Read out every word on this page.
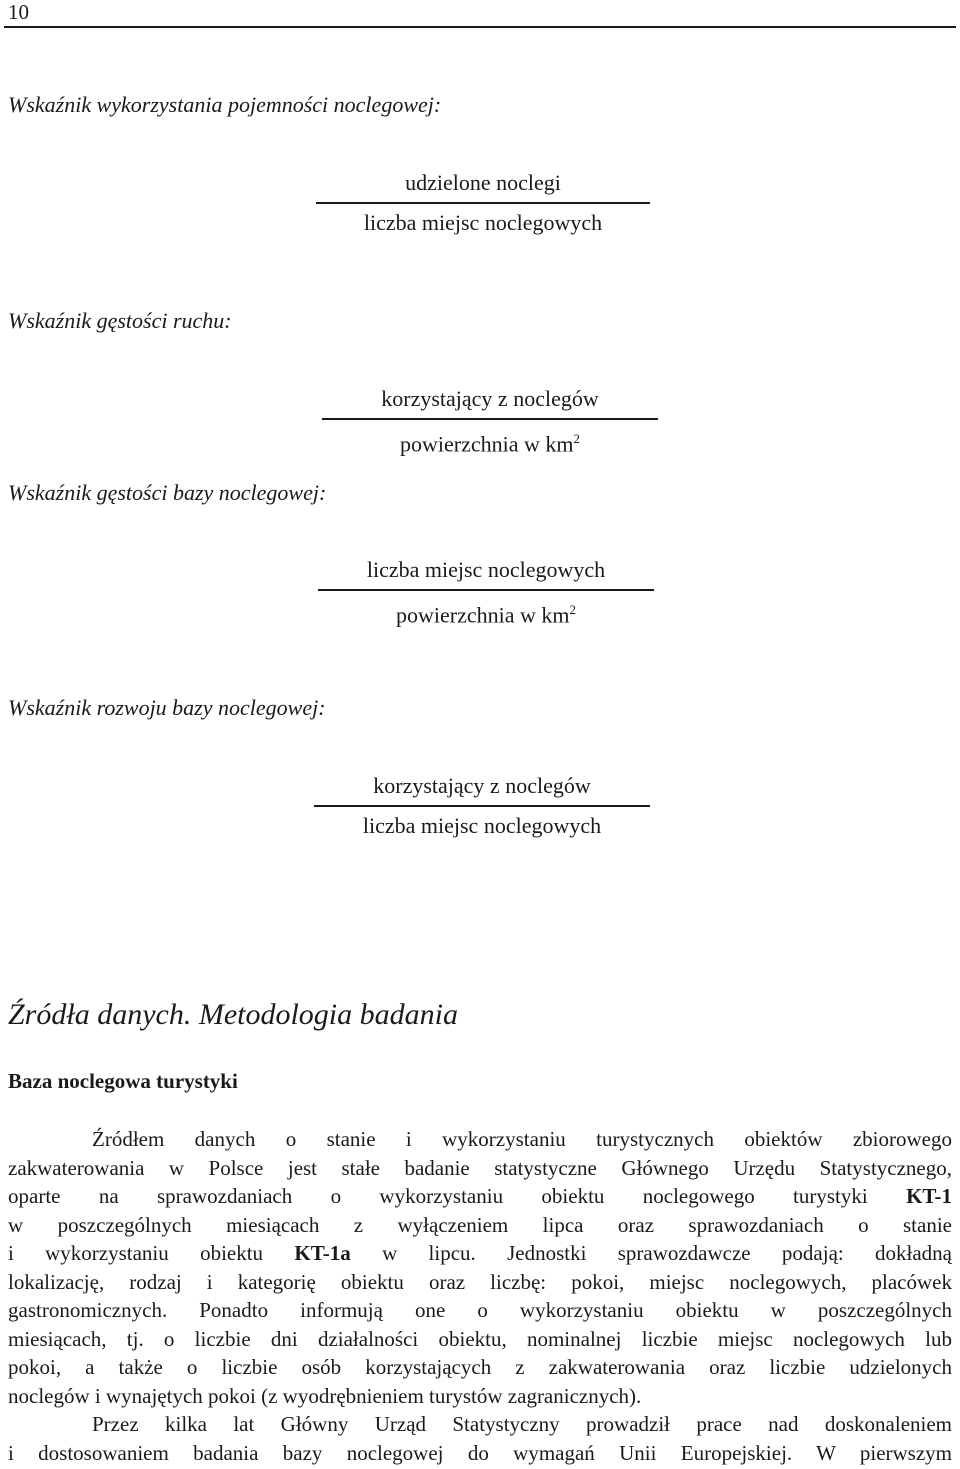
10
Wskaźnik wykorzystania pojemności noclegowej:
udzielone noclegi
liczba miejsc noclegowych
Wskaźnik gęstości ruchu:
korzystający z noclegów
powierzchnia w $km^2$
Wskaźnik gęstości bazy noclegowej:
liczba miejsc noclegowych
powierzchnia w $km^2$
Wskaźnik rozwoju bazy noclegowej:
korzystający z noclegów
liczba miejsc noclegowych
Źródła danych. Metodologia badania
Baza noclegowa turystyki
Źródłem danych o stanie i wykorzystaniu turystycznych obiektów zbiorowego
zakwaterowania w Polsce jest stałe badanie statystyczne Głównego Urzędu Statystycznego,
oparte na sprawozdaniach o wykorzystaniu obiektu noclegowego turystyki KT-1
w poszczególnych miesiącach z wyłączeniem lipca oraz sprawozdaniach o stanie
i wykorzystaniu obiektu KT-1a w lipcu. Jednostki sprawozdawcze podają: dokładną
lokalizację, rodzaj i kategorię obiektu oraz liczbę: pokoi, miejsc noclegowych, placówek
gastronomicznych. Ponadto informują one o wykorzystaniu obiektu w poszczególnych
miesiącach, tj. o liczbie dni działalności obiektu, nominalnej liczbie miejsc noclegowych lub
pokoi, a także o liczbie osób korzystających z zakwaterowania oraz liczbie udzielonych
noclegów i wynajętych pokoi (z wyodrębnieniem turystów zagranicznych).
Przez kilka lat Główny Urząd Statystyczny prowadził prace nad doskonaleniem
i dostosowaniem badania bazy noclegowej do wymagań Unii Europejskiej. W pierwszym
